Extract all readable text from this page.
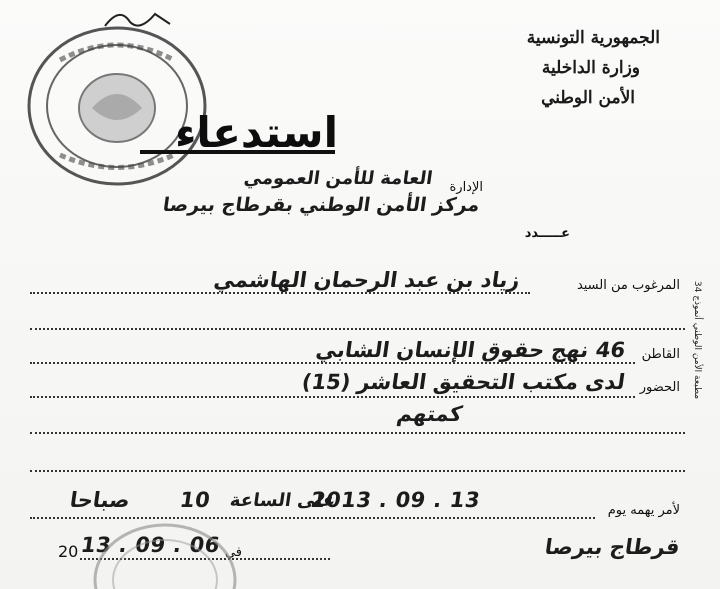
الجمهورية التونسية
وزارة الداخلية
الأمن الوطني
استدعاء
الإدارة
العامة للأمن العمومي
مركز الأمن الوطني بقرطاج بيرصا
عـــــدد
المرغوب من السيد
زياد بن عبد الرحمان الهاشمي
القاطن
46 نهج حقوق الإنسان الشابي
الحضور
لدى مكتب التحقيق العاشر (15)
كمتهم
لأمر يهمه يوم
2013 . 09 . 13
على الساعة
10
صباحا
قرطاج بيرصا
في
13 . 09 . 06
20
مطبعة الأمن الوطني أنموذج 34
